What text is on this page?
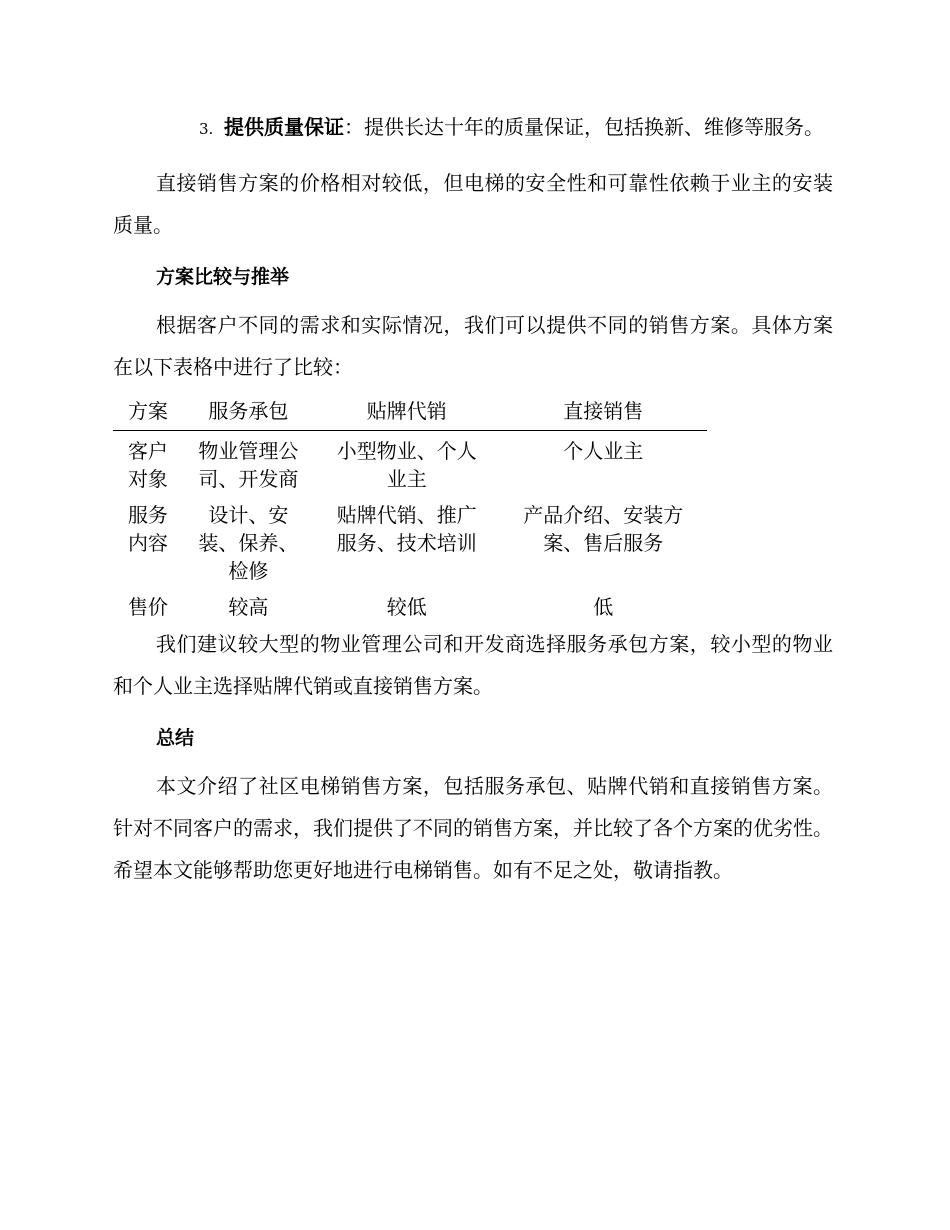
3. 提供质量保证：提供长达十年的质量保证，包括换新、维修等服务。

直接销售方案的价格相对较低，但电梯的安全性和可靠性依赖于业主的安装质量。

方案比较与推举

根据客户不同的需求和实际情况，我们可以提供不同的销售方案。具体方案在以下表格中进行了比较：

方案	服务承包	贴牌代销	直接销售
客户对象	物业管理公司、开发商	小型物业、个人业主	个人业主
服务内容	设计、安装、保养、检修	贴牌代销、推广服务、技术培训	产品介绍、安装方案、售后服务
售价	较高	较低	低

我们建议较大型的物业管理公司和开发商选择服务承包方案，较小型的物业和个人业主选择贴牌代销或直接销售方案。

总结

本文介绍了社区电梯销售方案，包括服务承包、贴牌代销和直接销售方案。针对不同客户的需求，我们提供了不同的销售方案，并比较了各个方案的优劣性。希望本文能够帮助您更好地进行电梯销售。如有不足之处，敬请指教。
